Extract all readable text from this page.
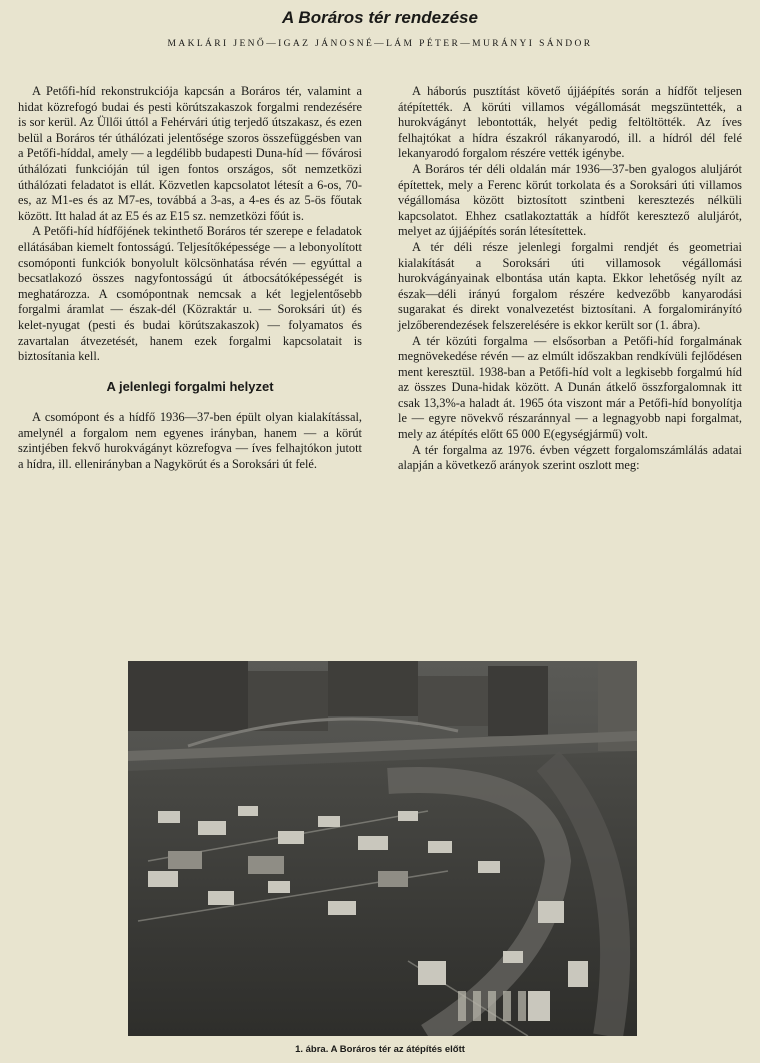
A Boráros tér rendezése
MAKLÁRI JENŐ—IGAZ JÁNOSNÉ—LÁM PÉTER—MURÁNYI SÁNDOR

A Petőfi-híd rekonstrukciója kapcsán a Boráros tér, valamint a hidat közrefogó budai és pesti körútszakaszok forgalmi rendezésére is sor kerül. Az Üllői úttól a Fehérvári útig terjedő útszakasz, és ezen belül a Boráros tér úthálózati jelentősége szoros összefüggésben van a Petőfi-híddal, amely — a legdélibb budapesti Duna-híd — fővárosi úthálózati funkcióján túl igen fontos országos, sőt nemzetközi úthálózati feladatot is ellát. Közvetlen kapcsolatot létesít a 6-os, 70-es, az M1-es és az M7-es, továbbá a 3-as, a 4-es és az 5-ös főutak között. Itt halad át az E5 és az E15 sz. nemzetközi főút is.

A Petőfi-híd hídfőjének tekinthető Boráros tér szerepe e feladatok ellátásában kiemelt fontosságú. Teljesítőképessége — a lebonyolított csomóponti funkciók bonyolult kölcsönhatása révén — egyúttal a becsatlakozó összes nagyfontosságú út átbocsátóképességét is meghatározza. A csomópontnak nemcsak a két legjelentősebb forgalmi áramlat — észak-dél (Közraktár u. — Soroksári út) és kelet-nyugat (pesti és budai körútszakaszok) — folyamatos és zavartalan átvezetését, hanem ezek forgalmi kapcsolatait is biztosítania kell.

A jelenlegi forgalmi helyzet

A csomópont és a hídfő 1936—37-ben épült olyan kialakítással, amelynél a forgalom nem egyenes irányban, hanem — a körút szintjében fekvő hurokvágányt közrefogva — íves felhajtókon jutott a hídra, ill. ellenirányban a Nagykörút és a Soroksári út felé.

A háborús pusztítást követő újjáépítés során a hídfőt teljesen átépítették. A körúti villamos végállomását megszüntették, a hurokvágányt lebontották, helyét pedig feltöltötték. Az íves felhajtókat a hídra északról rákanyarodó, ill. a hídról dél felé lekanyarodó forgalom részére vették igénybe.

A Boráros tér déli oldalán már 1936—37-ben gyalogos aluljárót építettek, mely a Ferenc körút torkolata és a Soroksári úti villamos végállomása között biztosított szintbeni keresztezés nélküli kapcsolatot. Ehhez csatlakoztatták a hídfőt keresztező aluljárót, melyet az újjáépítés során létesítettek.

A tér déli része jelenlegi forgalmi rendjét és geometriai kialakítását a Soroksári úti villamosok végállomási hurokvágányainak elbontása után kapta. Ekkor lehetőség nyílt az észak—déli irányú forgalom részére kedvezőbb kanyarodási sugarakat és direkt vonalvezetést biztosítani. A forgalomirányító jelzőberendezések felszerelésére is ekkor került sor (1. ábra).

A tér közúti forgalma — elsősorban a Petőfi-híd forgalmának megnövekedése révén — az elmúlt időszakban rendkívüli fejlődésen ment keresztül. 1938-ban a Petőfi-híd volt a legkisebb forgalmú híd az összes Duna-hidak között. A Dunán átkelő összforgalomnak itt csak 13,3%-a haladt át. 1965 óta viszont már a Petőfi-híd bonyolítja le — egyre növekvő részaránnyal — a legnagyobb napi forgalmat, mely az átépítés előtt 65 000 E(egységjármű) volt.

A tér forgalma az 1976. évben végzett forgalomszámlálás adatai alapján a következő arányok szerint oszlott meg:

1. ábra. A Boráros tér az átépítés előtt
